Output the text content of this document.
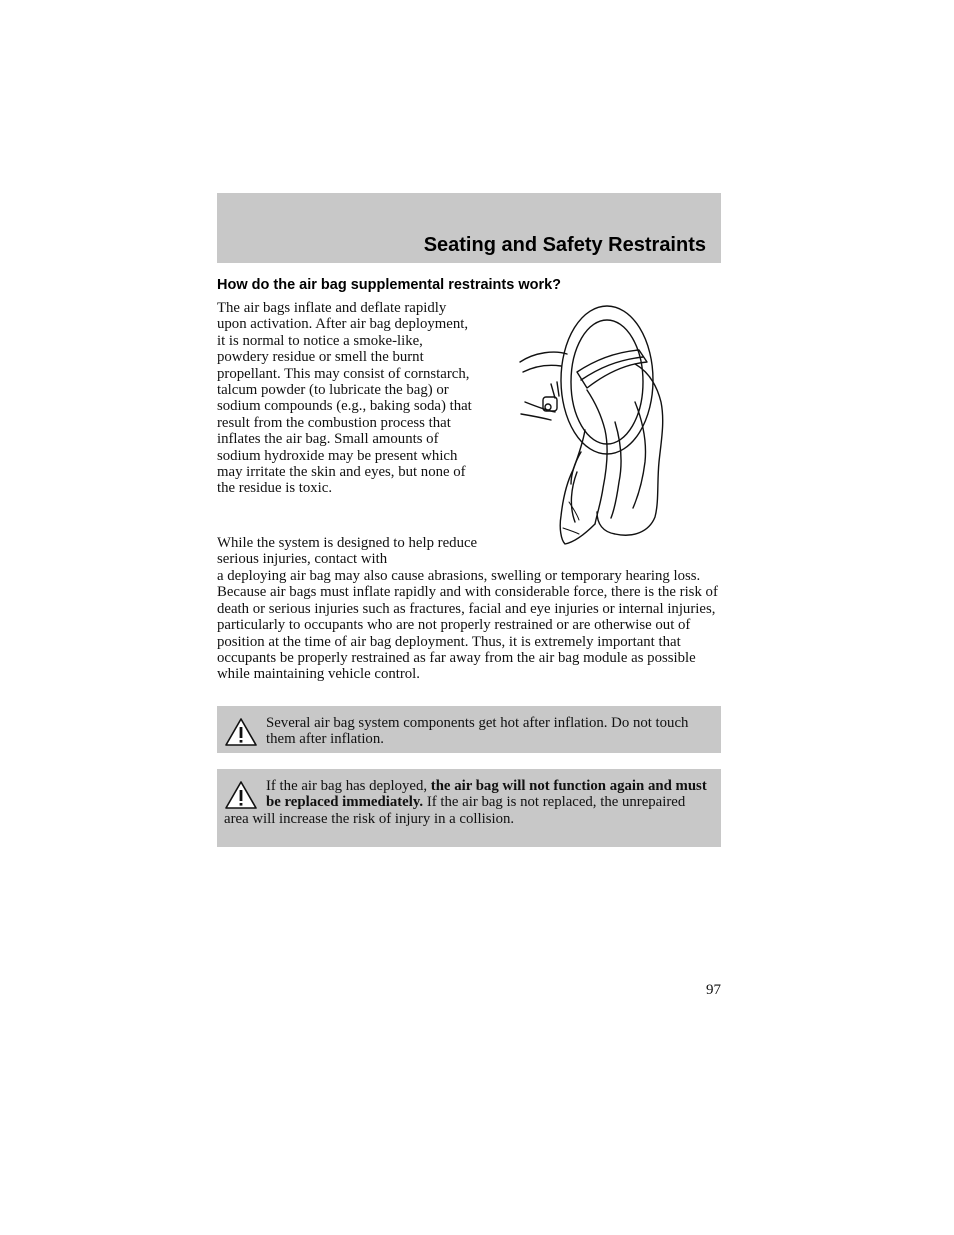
Seating and Safety Restraints
How do the air bag supplemental restraints work?
The air bags inflate and deflate rapidly upon activation. After air bag deployment, it is normal to notice a smoke-like, powdery residue or smell the burnt propellant. This may consist of cornstarch, talcum powder (to lubricate the bag) or sodium compounds (e.g., baking soda) that result from the combustion process that inflates the air bag. Small amounts of sodium hydroxide may be present which may irritate the skin and eyes, but none of the residue is toxic.
While the system is designed to help reduce serious injuries, contact with
a deploying air bag may also cause abrasions, swelling or temporary hearing loss. Because air bags must inflate rapidly and with considerable force, there is the risk of death or serious injuries such as fractures, facial and eye injuries or internal injuries, particularly to occupants who are not properly restrained or are otherwise out of position at the time of air bag deployment. Thus, it is extremely important that occupants be properly restrained as far away from the air bag module as possible while maintaining vehicle control.
Several air bag system components get hot after inflation. Do not touch them after inflation.
If the air bag has deployed, the air bag will not function again and must be replaced immediately. If the air bag is not replaced, the unrepaired area will increase the risk of injury in a collision.
97
